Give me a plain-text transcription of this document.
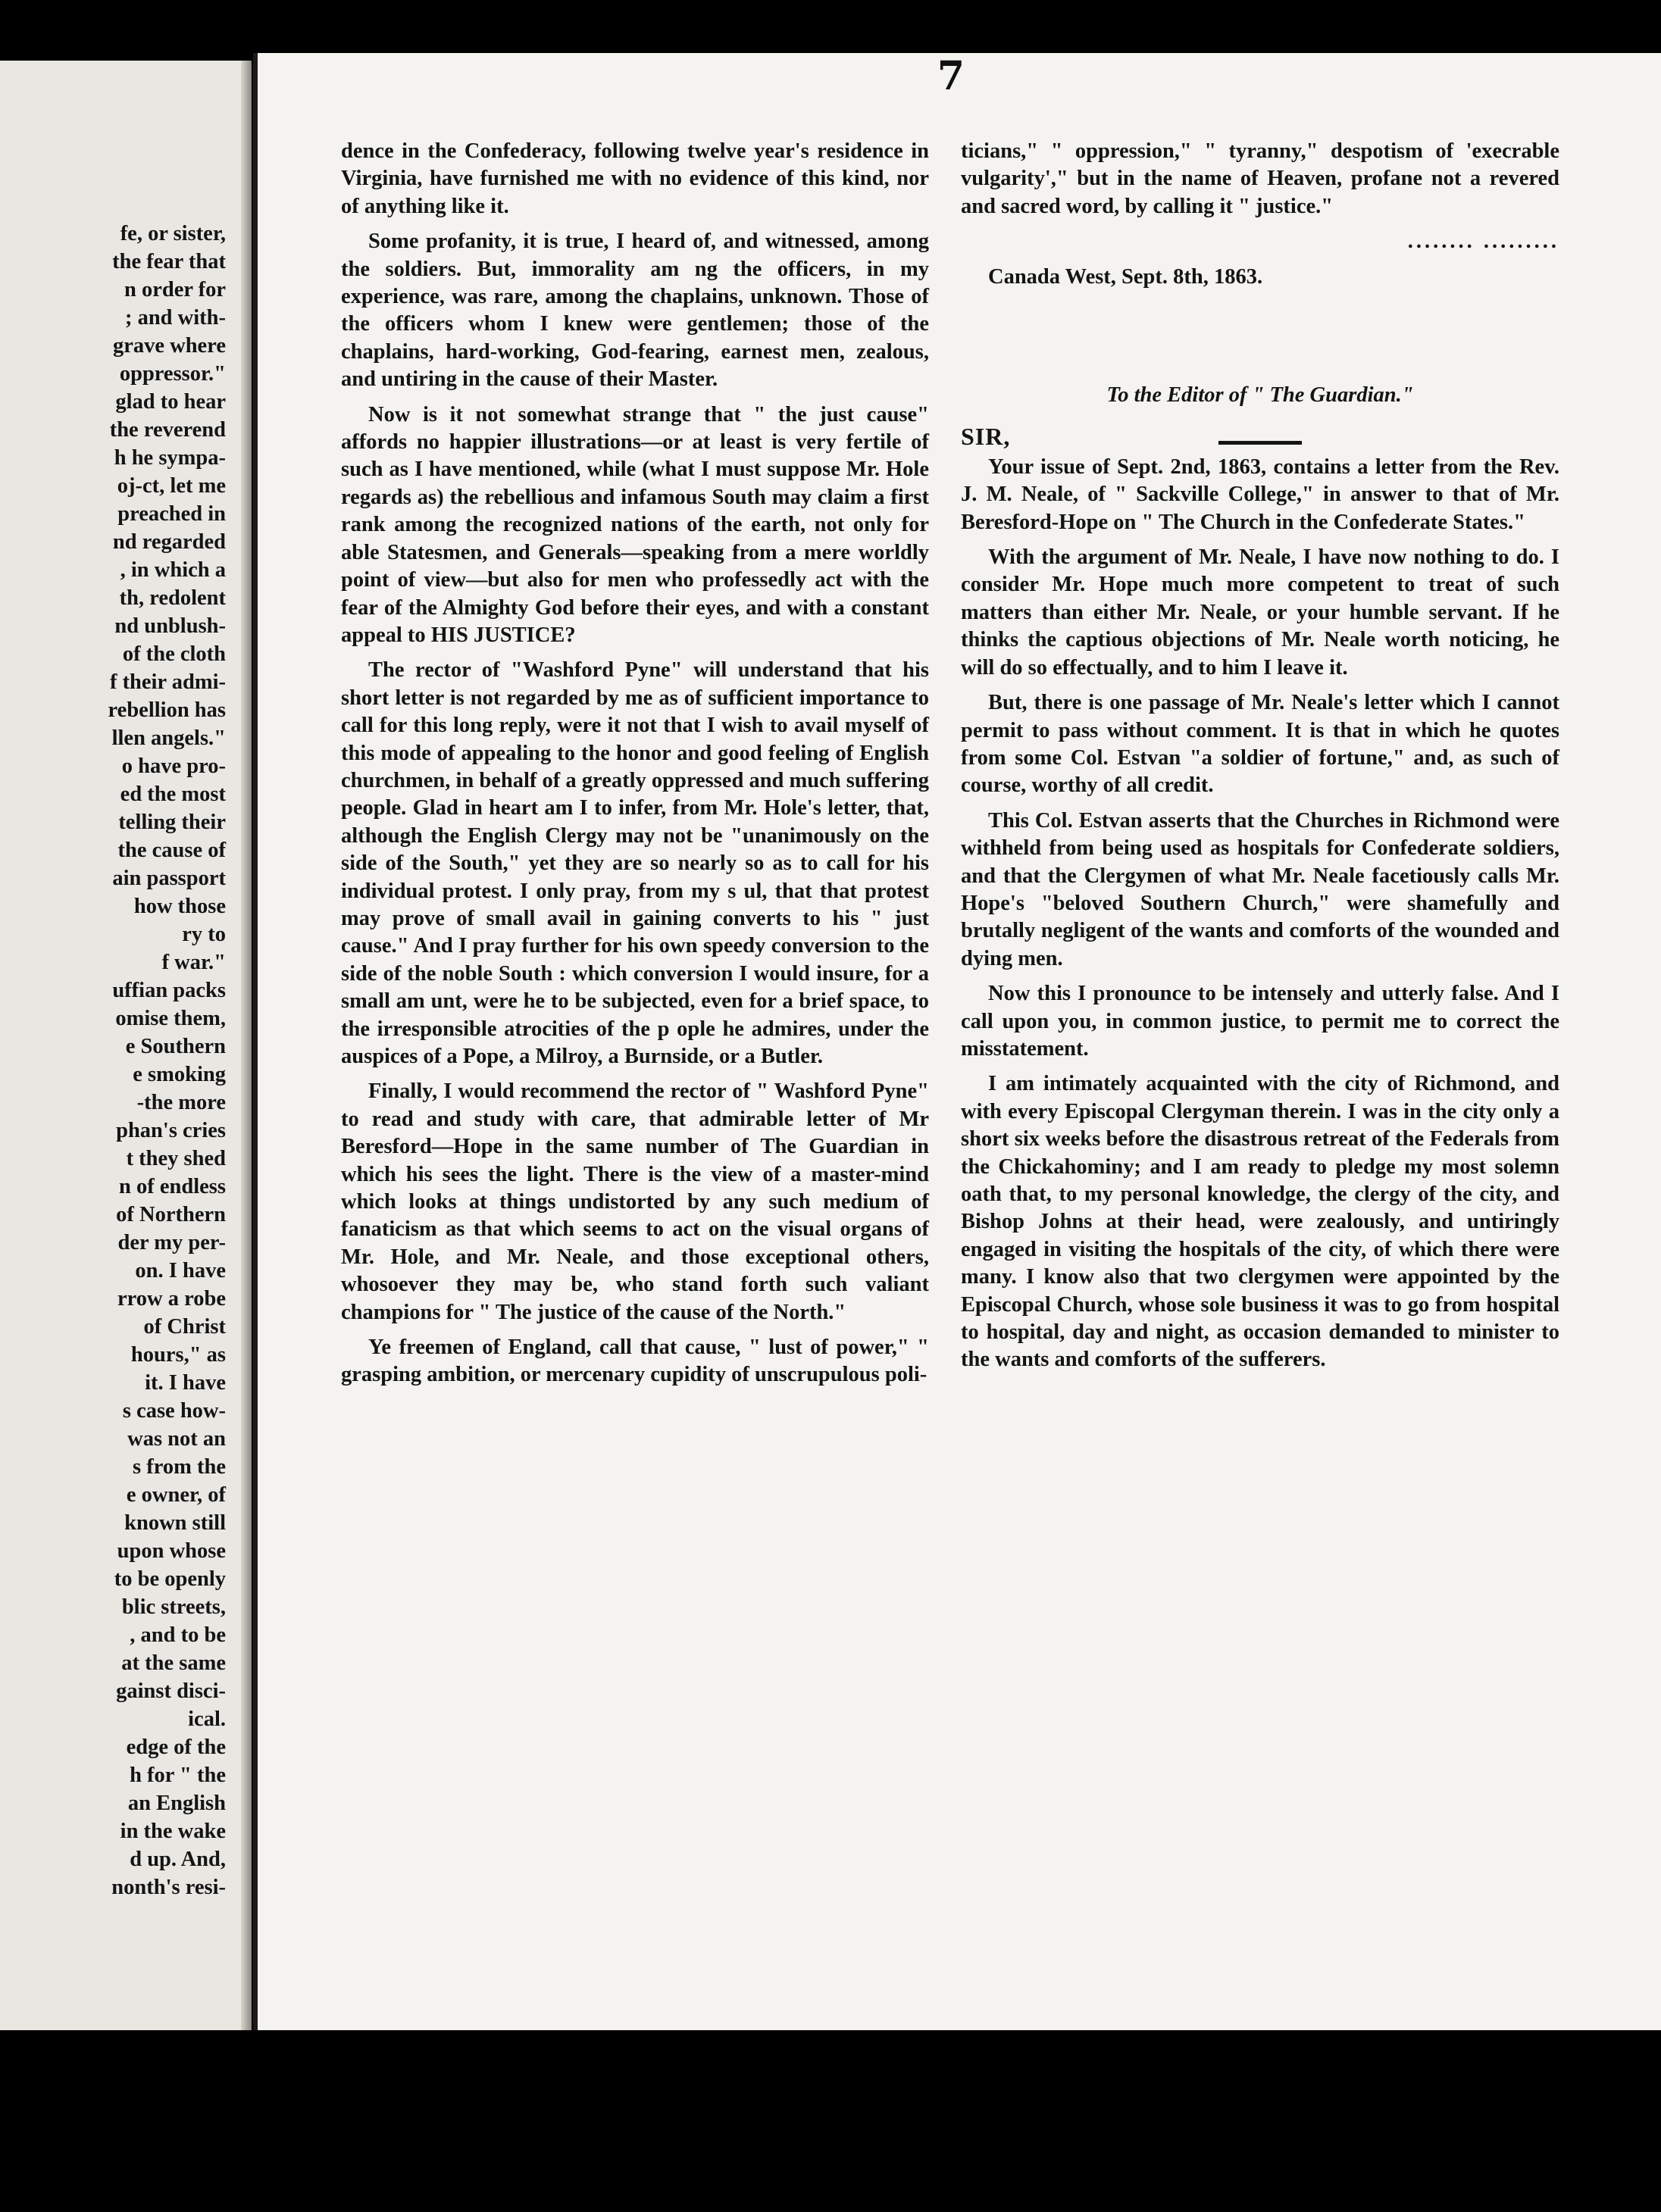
fe, or sister,
the fear that
n order for
; and with-
grave where
oppressor."
glad to hear
the reverend
h he sympa-
oj-ct, let me
preached in
nd regarded
, in which a
th, redolent
nd unblush-
of the cloth
f their admi-
rebellion has
llen angels."
o have pro-
ed the most
telling their
the cause of
ain passport
how those
ry to
f war."
uffian packs
omise them,
e Southern
e smoking
-the more
phan's cries
t they shed
n of endless
of Northern
der my per-
on. I have
rrow a robe
of Christ
hours," as
it. I have
s case how-
was not an
s from the
e owner, of
known still
upon whose
to be openly
blic streets,
, and to be
at the same
gainst disci-
ical.
edge of the
h for " the
an English
in the wake
d up. And,
nonth's resi-
7

dence in the Confederacy, following twelve year's residence in Virginia, have furnished me with no evidence of this kind, nor of anything like it.

Some profanity, it is true, I heard of, and witnessed, among the soldiers. But, immorality am ng the officers, in my experience, was rare, among the chaplains, unknown. Those of the officers whom I knew were gentlemen; those of the chaplains, hard-working, God-fearing, earnest men, zealous, and untiring in the cause of their Master.

Now is it not somewhat strange that " the just cause" affords no happier illustrations—or at least is very fertile of such as I have mentioned, while (what I must suppose Mr. Hole regards as) the rebellious and infamous South may claim a first rank among the recognized nations of the earth, not only for able Statesmen, and Generals—speaking from a mere worldly point of view—but also for men who professedly act with the fear of the Almighty God before their eyes, and with a constant appeal to HIS JUSTICE?

The rector of "Washford Pyne" will understand that his short letter is not regarded by me as of sufficient importance to call for this long reply, were it not that I wish to avail myself of this mode of appealing to the honor and good feeling of English churchmen, in behalf of a greatly oppressed and much suffering people. Glad in heart am I to infer, from Mr. Hole's letter, that, although the English Clergy may not be "unanimously on the side of the South," yet they are so nearly so as to call for his individual protest. I only pray, from my s ul, that that protest may prove of small avail in gaining converts to his " just cause." And I pray further for his own speedy conversion to the side of the noble South : which conversion I would insure, for a small am unt, were he to be subjected, even for a brief space, to the irresponsible atrocities of the p ople he admires, under the auspices of a Pope, a Milroy, a Burnside, or a Butler.

Finally, I would recommend the rector of " Washford Pyne" to read and study with care, that admirable letter of Mr Beresford—Hope in the same number of The Guardian in which his sees the light. There is the view of a master-mind which looks at things undistorted by any such medium of fanaticism as that which seems to act on the visual organs of Mr. Hole, and Mr. Neale, and those exceptional others, whosoever they may be, who stand forth such valiant champions for " The justice of the cause of the North."

Ye freemen of England, call that cause, " lust of power," " grasping ambition, or mercenary cupidity of unscrupulous poli-

ticians," " oppression," " tyranny," despotism of 'execrable vulgarity'," but in the name of Heaven, profane not a revered and sacred word, by calling it " justice."

........ .........

Canada West, Sept. 8th, 1863.

To the Editor of " The Guardian."

SIR,

Your issue of Sept. 2nd, 1863, contains a letter from the Rev. J. M. Neale, of " Sackville College," in answer to that of Mr. Beresford-Hope on " The Church in the Confederate States."

With the argument of Mr. Neale, I have now nothing to do. I consider Mr. Hope much more competent to treat of such matters than either Mr. Neale, or your humble servant. If he thinks the captious objections of Mr. Neale worth noticing, he will do so effectually, and to him I leave it.

But, there is one passage of Mr. Neale's letter which I cannot permit to pass without comment. It is that in which he quotes from some Col. Estvan "a soldier of fortune," and, as such of course, worthy of all credit.

This Col. Estvan asserts that the Churches in Richmond were withheld from being used as hospitals for Confederate soldiers, and that the Clergymen of what Mr. Neale facetiously calls Mr. Hope's "beloved Southern Church," were shamefully and brutally negligent of the wants and comforts of the wounded and dying men.

Now this I pronounce to be intensely and utterly false. And I call upon you, in common justice, to permit me to correct the misstatement.

I am intimately acquainted with the city of Richmond, and with every Episcopal Clergyman therein. I was in the city only a short six weeks before the disastrous retreat of the Federals from the Chickahominy; and I am ready to pledge my most solemn oath that, to my personal knowledge, the clergy of the city, and Bishop Johns at their head, were zealously, and untiringly engaged in visiting the hospitals of the city, of which there were many. I know also that two clergymen were appointed by the Episcopal Church, whose sole business it was to go from hospital to hospital, day and night, as occasion demanded to minister to the wants and comforts of the sufferers.
